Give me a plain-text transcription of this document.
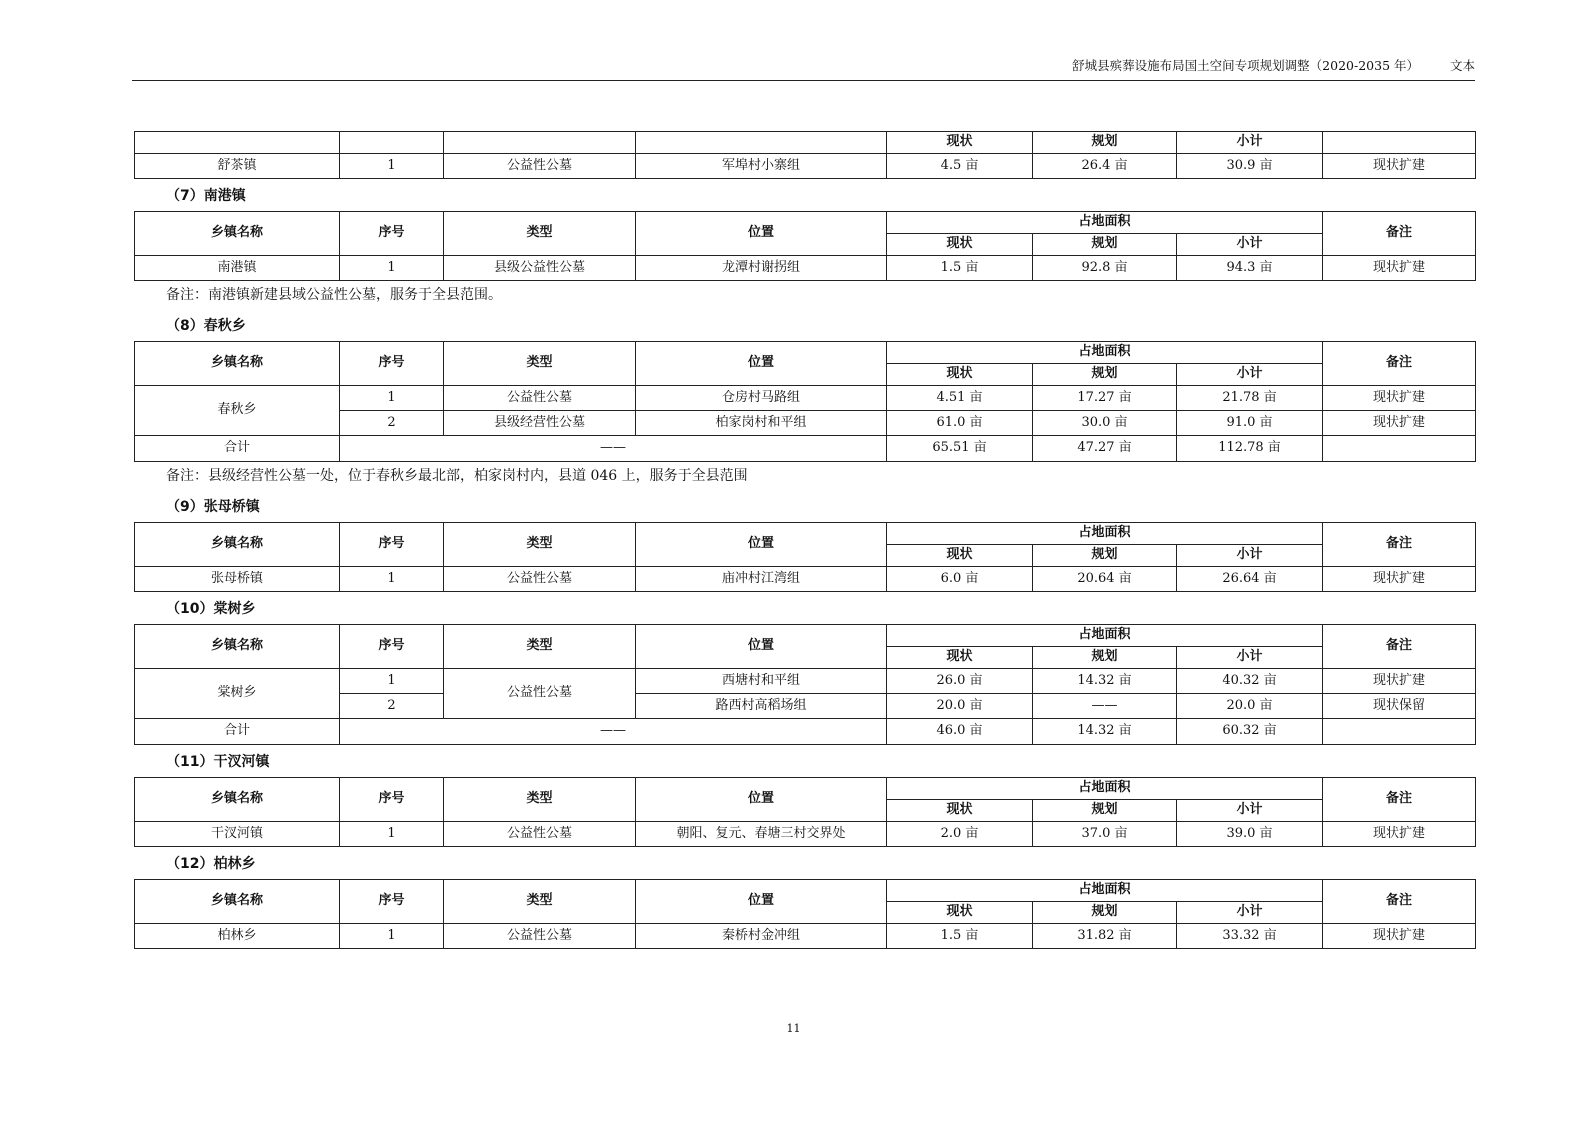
舒城县殡葬设施布局国土空间专项规划调整（2020-2035 年） 文本
				现状	规划	小计	
舒茶镇	1	公益性公墓	军埠村小寨组	4.5 亩	26.4 亩	30.9 亩	现状扩建
（7）南港镇
乡镇名称	序号	类型	位置	占地面积			备注
				现状	规划	小计	
南港镇	1	县级公益性公墓	龙潭村谢拐组	1.5 亩	92.8 亩	94.3 亩	现状扩建
备注：南港镇新建县域公益性公墓，服务于全县范围。
（8）春秋乡
乡镇名称	序号	类型	位置	占地面积			备注
				现状	规划	小计	
春秋乡	1	公益性公墓	仓房村马路组	4.51 亩	17.27 亩	21.78 亩	现状扩建
	2	县级经营性公墓	柏家岗村和平组	61.0 亩	30.0 亩	91.0 亩	现状扩建
合计	——			65.51 亩	47.27 亩	112.78 亩	
备注：县级经营性公墓一处，位于春秋乡最北部，柏家岗村内，县道 046 上，服务于全县范围
（9）张母桥镇
乡镇名称	序号	类型	位置	占地面积			备注
				现状	规划	小计	
张母桥镇	1	公益性公墓	庙冲村江湾组	6.0 亩	20.64 亩	26.64 亩	现状扩建
（10）棠树乡
乡镇名称	序号	类型	位置	占地面积			备注
				现状	规划	小计	
棠树乡	1	公益性公墓	西塘村和平组	26.0 亩	14.32 亩	40.32 亩	现状扩建
	2		路西村高稻场组	20.0 亩	——	20.0 亩	现状保留
合计	——			46.0 亩	14.32 亩	60.32 亩	
（11）干汊河镇
乡镇名称	序号	类型	位置	占地面积			备注
				现状	规划	小计	
干汊河镇	1	公益性公墓	朝阳、复元、春塘三村交界处	2.0 亩	37.0 亩	39.0 亩	现状扩建
（12）柏林乡
乡镇名称	序号	类型	位置	占地面积			备注
				现状	规划	小计	
柏林乡	1	公益性公墓	秦桥村金冲组	1.5 亩	31.82 亩	33.32 亩	现状扩建
11
